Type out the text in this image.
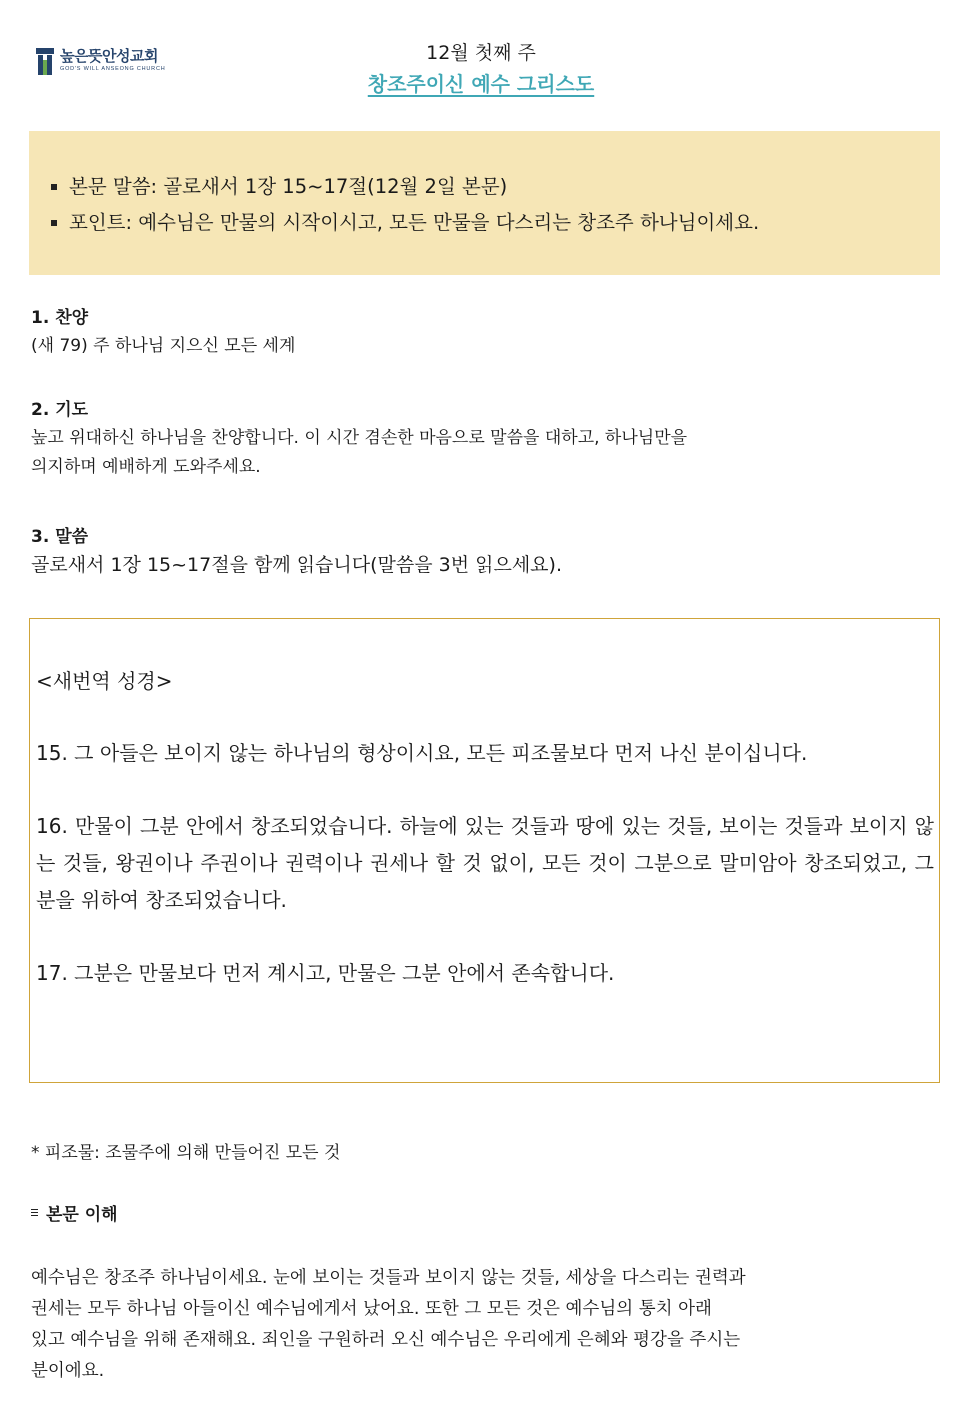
높은뜻안성교회
GOD'S WILL ANSEONG CHURCH
12월 첫째 주
창조주이신 예수 그리스도
본문 말씀: 골로새서 1장 15~17절(12월 2일 본문)
포인트: 예수님은 만물의 시작이시고, 모든 만물을 다스리는 창조주 하나님이세요.
1. 찬양
(새 79) 주 하나님 지으신 모든 세계
2. 기도
높고 위대하신 하나님을 찬양합니다. 이 시간 겸손한 마음으로 말씀을 대하고, 하나님만을
의지하며 예배하게 도와주세요.
3. 말씀
골로새서 1장 15~17절을 함께 읽습니다(말씀을 3번 읽으세요).

<새번역 성경>

15. 그 아들은 보이지 않는 하나님의 형상이시요, 모든 피조물보다 먼저 나신 분이십니다.

16. 만물이 그분 안에서 창조되었습니다. 하늘에 있는 것들과 땅에 있는 것들, 보이는 것들과 보이지 않는 것들, 왕권이나 주권이나 권력이나 권세나 할 것 없이, 모든 것이 그분으로 말미암아 창조되었고, 그분을 위하여 창조되었습니다.

17. 그분은 만물보다 먼저 계시고, 만물은 그분 안에서 존속합니다.

* 피조물: 조물주에 의해 만들어진 모든 것
본문 이해
예수님은 창조주 하나님이세요. 눈에 보이는 것들과 보이지 않는 것들, 세상을 다스리는 권력과
권세는 모두 하나님 아들이신 예수님에게서 났어요. 또한 그 모든 것은 예수님의 통치 아래
있고 예수님을 위해 존재해요. 죄인을 구원하러 오신 예수님은 우리에게 은혜와 평강을 주시는
분이에요.
